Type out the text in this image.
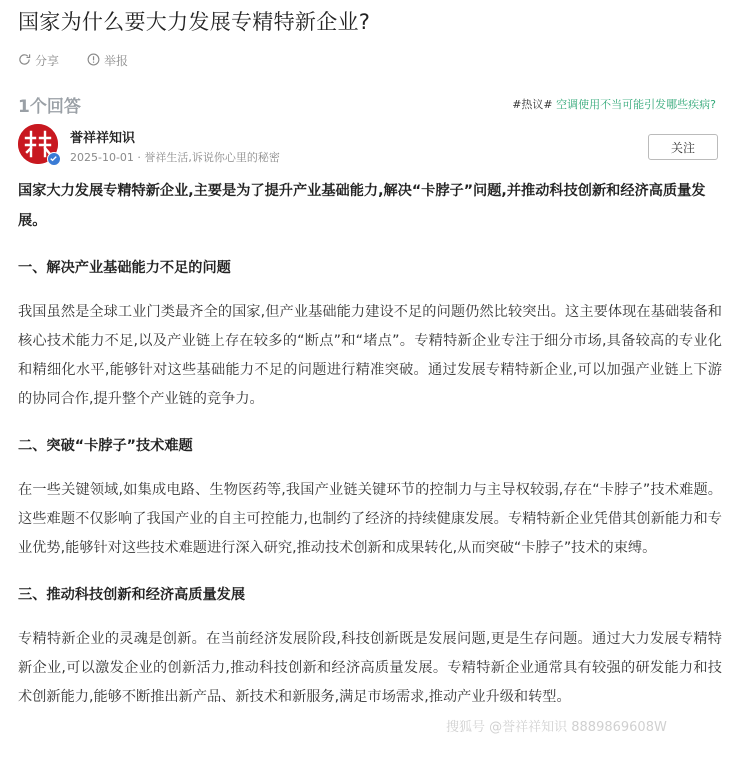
国家为什么要大力发展专精特新企业?
分享	举报
1个回答	#热议# 空调使用不当可能引发哪些疾病?
誉祥祥知识
2025-10-01 · 誉祥生活,诉说你心里的秘密
关注

国家大力发展专精特新企业,主要是为了提升产业基础能力,解决“卡脖子”问题,并推动科技创新和经济高质量发展。

一、解决产业基础能力不足的问题

我国虽然是全球工业门类最齐全的国家,但产业基础能力建设不足的问题仍然比较突出。这主要体现在基础装备和核心技术能力不足,以及产业链上存在较多的“断点”和“堵点”。专精特新企业专注于细分市场,具备较高的专业化和精细化水平,能够针对这些基础能力不足的问题进行精准突破。通过发展专精特新企业,可以加强产业链上下游的协同合作,提升整个产业链的竞争力。

二、突破“卡脖子”技术难题

在一些关键领域,如集成电路、生物医药等,我国产业链关键环节的控制力与主导权较弱,存在“卡脖子”技术难题。这些难题不仅影响了我国产业的自主可控能力,也制约了经济的持续健康发展。专精特新企业凭借其创新能力和专业优势,能够针对这些技术难题进行深入研究,推动技术创新和成果转化,从而突破“卡脖子”技术的束缚。

三、推动科技创新和经济高质量发展

专精特新企业的灵魂是创新。在当前经济发展阶段,科技创新既是发展问题,更是生存问题。通过大力发展专精特新企业,可以激发企业的创新活力,推动科技创新和经济高质量发展。专精特新企业通常具有较强的研发能力和技术创新能力,能够不断推出新产品、新技术和新服务,满足市场需求,推动产业升级和转型。

搜狐号 @誉祥祥知识 8889869608W
